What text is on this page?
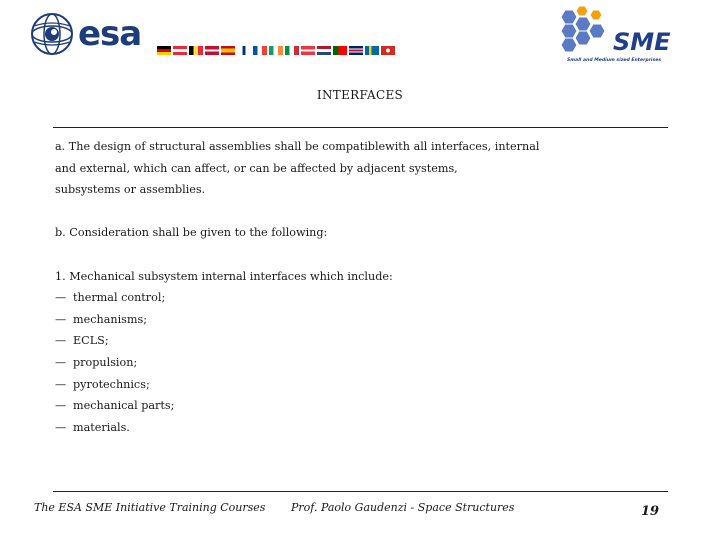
esa	SME
Small and Medium sized Enterprises
INTERFACES
a. The design of structural assemblies shall be compatiblewith all interfaces, internal
and external, which can affect, or can be affected by adjacent systems,
subsystems or assemblies.
b. Consideration shall be given to the following:
1. Mechanical subsystem internal interfaces which include:
— thermal control;
— mechanisms;
— ECLS;
— propulsion;
— pyrotechnics;
— mechanical parts;
— materials.
The ESA SME Initiative Training Courses Prof. Paolo Gaudenzi - Space Structures	19
